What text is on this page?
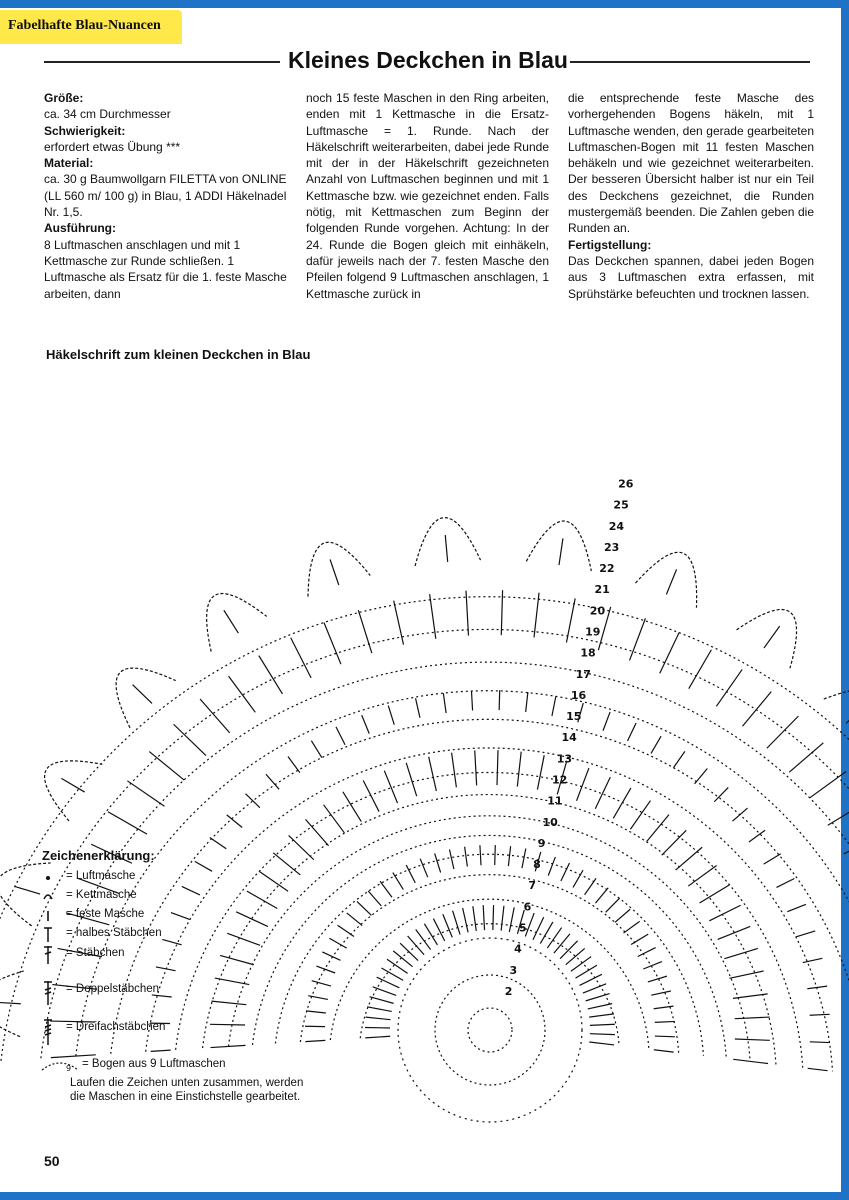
Fabelhafte Blau-Nuancen
Kleines Deckchen in Blau
Größe:

ca. 34 cm Durchmesser

Schwierigkeit:

erfordert etwas Übung ***

Material:

ca. 30 g Baumwollgarn FILETTA von ONLINE (LL 560 m/ 100 g) in Blau, 1 ADDI Häkelnadel Nr. 1,5.

Ausführung:

8 Luftmaschen anschlagen und mit 1 Kettmasche zur Runde schließen. 1 Luftmasche als Ersatz für die 1. feste Masche arbeiten, dann

noch 15 feste Maschen in den Ring arbeiten, enden mit 1 Kettmasche in die Ersatz-Luftmasche = 1. Runde. Nach der Häkelschrift weiterarbeiten, dabei jede Runde mit der in der Häkelschrift gezeichneten Anzahl von Luftmaschen beginnen und mit 1 Kettmasche bzw. wie gezeichnet enden. Falls nötig, mit Kettmaschen zum Beginn der folgenden Runde vorgehen. Achtung: In der 24. Runde die Bogen gleich mit einhäkeln, dafür jeweils nach der 7. festen Masche den Pfeilen folgend 9 Luftmaschen anschlagen, 1 Kettmasche zurück in

die entsprechende feste Masche des vorhergehenden Bogens häkeln, mit 1 Luftmasche wenden, den gerade gearbeiteten Luftmaschen-Bogen mit 11 festen Maschen behäkeln und wie gezeichnet weiterarbeiten. Der besseren Übersicht halber ist nur ein Teil des Deckchens gezeichnet, die Runden mustergemäß beenden. Die Zahlen geben die Runden an.

Fertigstellung:

Das Deckchen spannen, dabei jeden Bogen aus 3 Luftmaschen extra erfassen, mit Sprühstärke befeuchten und trocknen lassen.

Häkelschrift zum kleinen Deckchen in Blau
2
3
4
5
6
7
8
9
10
11
12
13
14
15
16
17
18
19
20
21
22
23
24
25
26
Zeichenerklärung:
= Luftmasche
= Kettmasche
= feste Masche
= halbes Stäbchen
= Stäbchen
= Doppelstäbchen
= Dreifachstäbchen
9 = Bogen aus 9 Luftmaschen
Laufen die Zeichen unten zusammen, werden die Maschen in eine Einstichstelle gearbeitet.
50
